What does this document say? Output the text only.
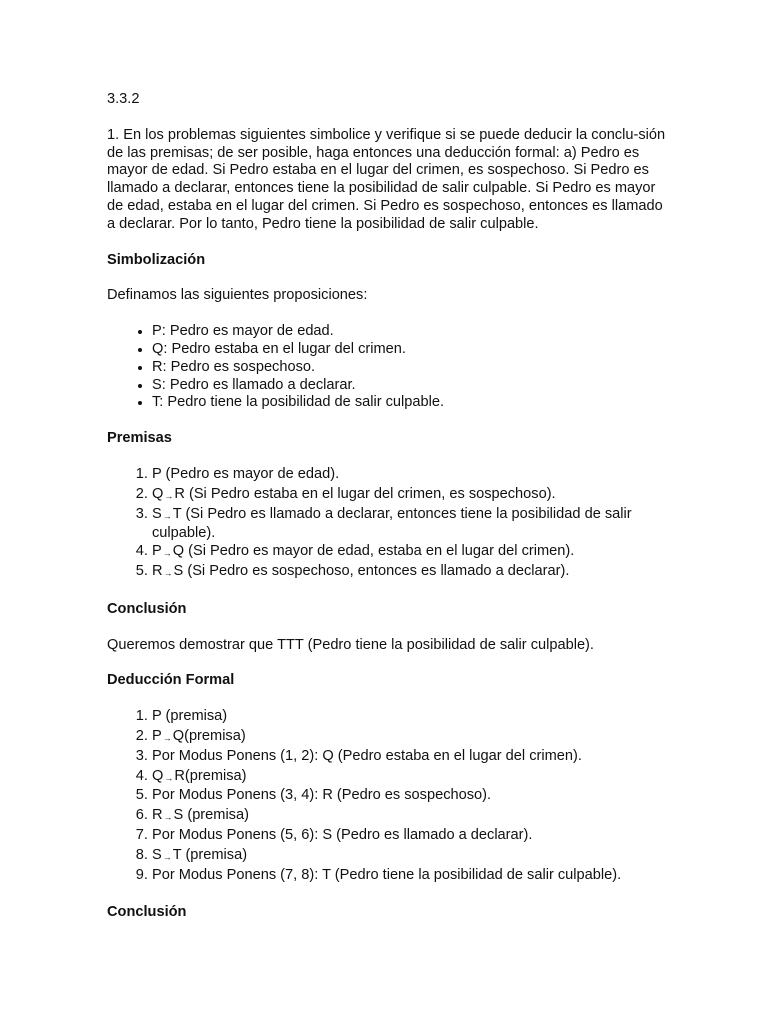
3.3.2

1. En los problemas siguientes simbolice y verifique si se puede deducir la conclu-sión de las premisas; de ser posible, haga entonces una deducción formal: a) Pedro es mayor de edad. Si Pedro estaba en el lugar del crimen, es sospechoso. Si Pedro es llamado a declarar, entonces tiene la posibilidad de salir culpable. Si Pedro es mayor de edad, estaba en el lugar del crimen. Si Pedro es sospechoso, entonces es llamado a declarar. Por lo tanto, Pedro tiene la posibilidad de salir culpable.

Simbolización

Definamos las siguientes proposiciones:

• P: Pedro es mayor de edad.
• Q: Pedro estaba en el lugar del crimen.
• R: Pedro es sospechoso.
• S: Pedro es llamado a declarar.
• T: Pedro tiene la posibilidad de salir culpable.
Premisas
1. P (Pedro es mayor de edad).
2. Q→R (Si Pedro estaba en el lugar del crimen, es sospechoso).
3. S→T (Si Pedro es llamado a declarar, entonces tiene la posibilidad de salir culpable).
4. P→Q (Si Pedro es mayor de edad, estaba en el lugar del crimen).
5. R→S (Si Pedro es sospechoso, entonces es llamado a declarar).
Conclusión

Queremos demostrar que TTT (Pedro tiene la posibilidad de salir culpable).

Deducción Formal
1. P (premisa)
2. P→Q(premisa)
3. Por Modus Ponens (1, 2): Q (Pedro estaba en el lugar del crimen).
4. Q→R(premisa)
5. Por Modus Ponens (3, 4): R (Pedro es sospechoso).
6. R→S (premisa)
7. Por Modus Ponens (5, 6): S (Pedro es llamado a declarar).
8. S→T (premisa)
9. Por Modus Ponens (7, 8): T (Pedro tiene la posibilidad de salir culpable).
Conclusión
